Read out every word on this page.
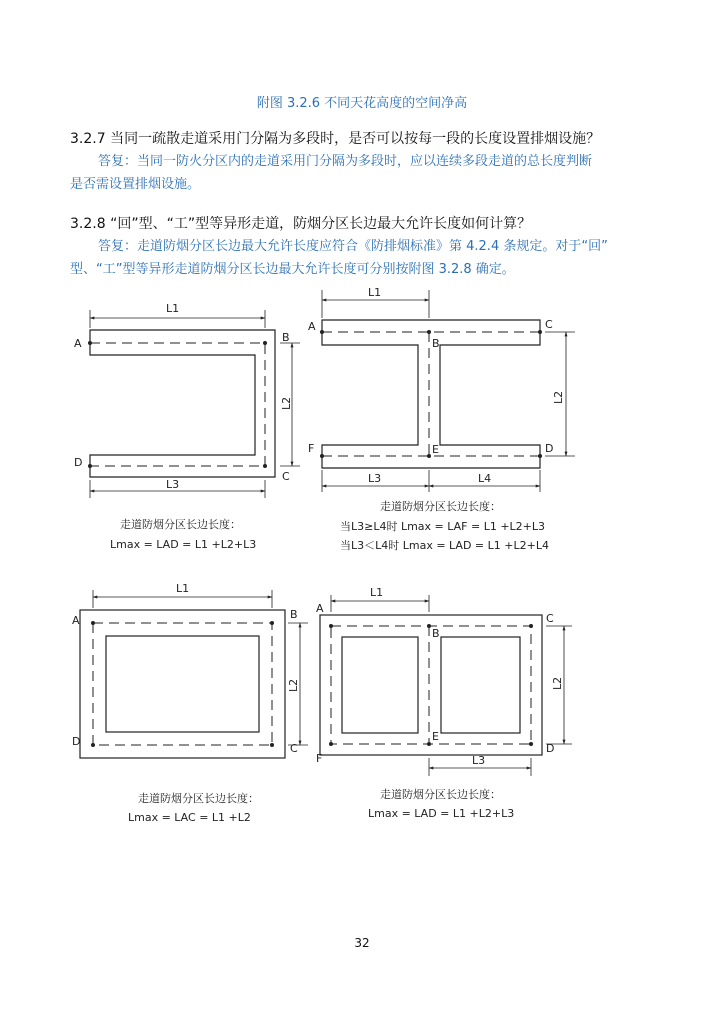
附图 3.2.6 不同天花高度的空间净高
3.2.7 当同一疏散走道采用门分隔为多段时，是否可以按每一段的长度设置排烟设施？
答复：当同一防火分区内的走道采用门分隔为多段时，应以连续多段走道的总长度判断
是否需设置排烟设施。
3.2.8 “回”型、“工”型等异形走道，防烟分区长边最大允许长度如何计算？
答复：走道防烟分区长边最大允许长度应符合《防排烟标准》第 4.2.4 条规定。对于“回”
型、“工”型等异形走道防烟分区长边最大允许长度可分别按附图 3.2.8 确定。
A	B
C
D
L1
L2
L3
走道防烟分区长边长度：
Lmax = LAD = L1 +L2+L3
A
B
C
D
E
F
L1
L2
L3	L4
走道防烟分区长边长度：
当L3≥L4时 Lmax = LAF = L1 +L2+L3
当L3＜L4时 Lmax = LAD = L1 +L2+L4
A	B
C
D
L1
L2
走道防烟分区长边长度：
Lmax = LAC = L1 +L2
A
B
C
D
E
F
L1
L2
L3
走道防烟分区长边长度：
Lmax = LAD = L1 +L2+L3
32
